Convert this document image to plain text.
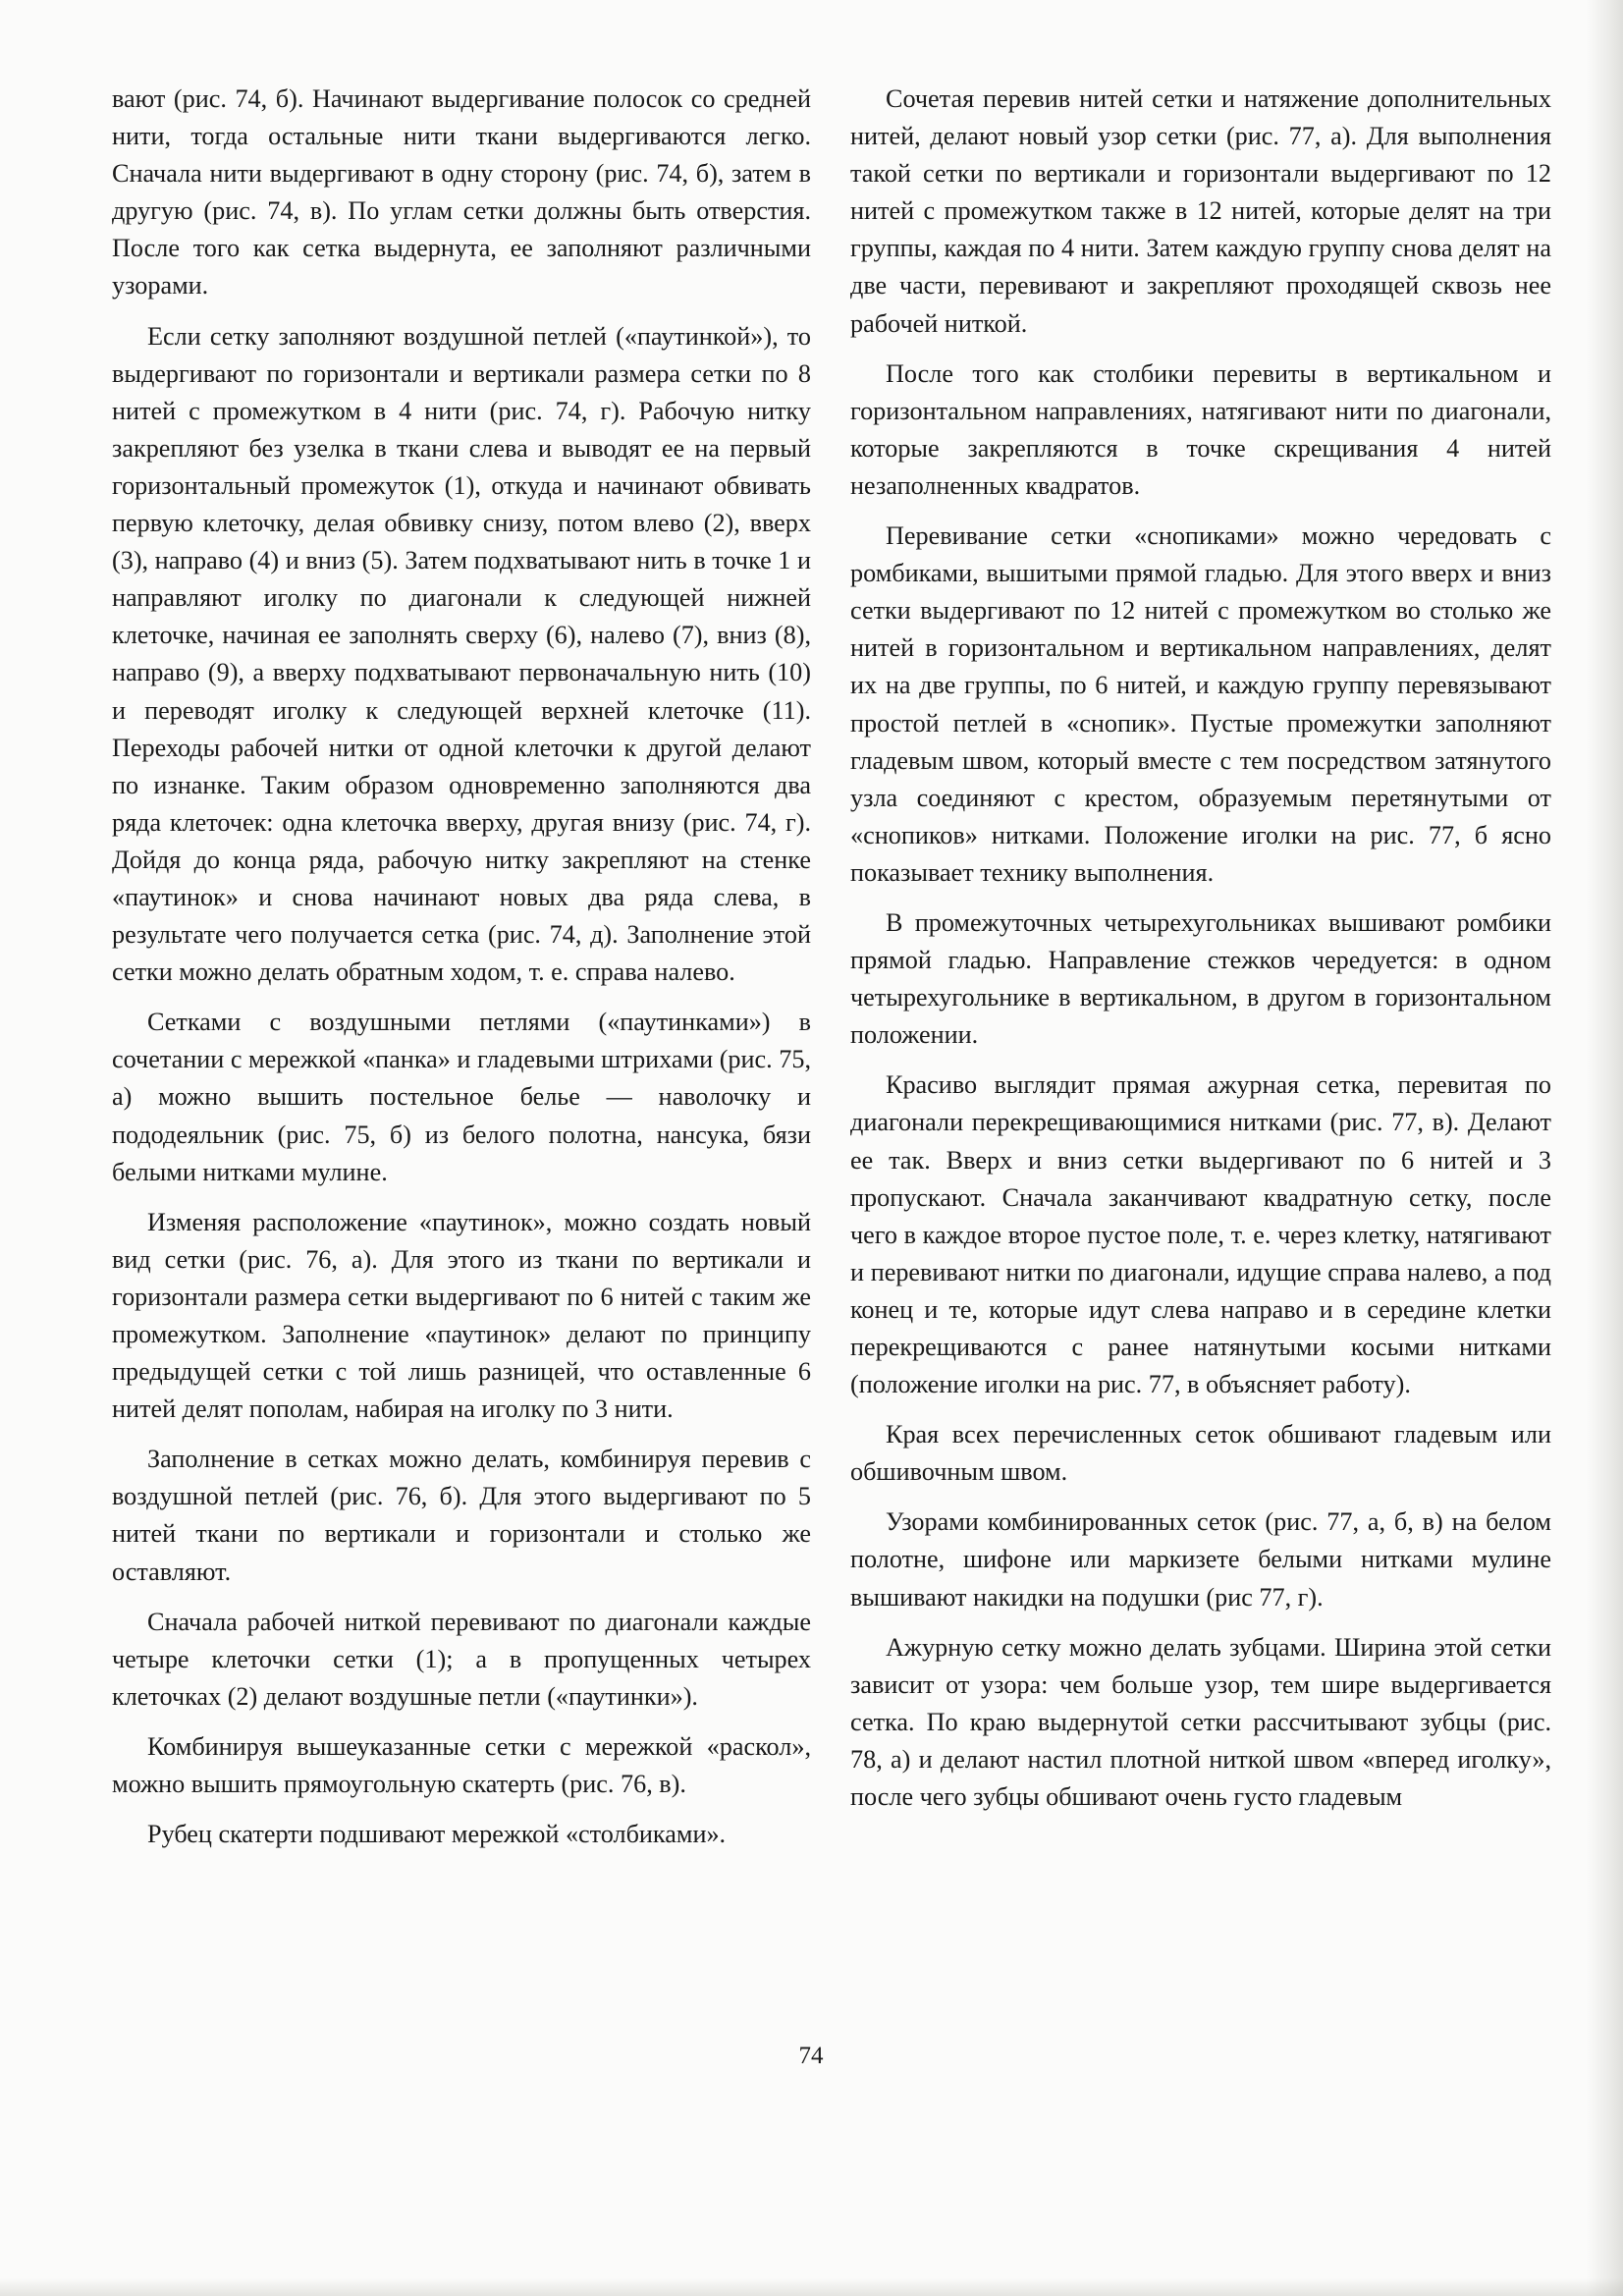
вают (рис. 74, б). Начинают выдергивание полосок со средней нити, тогда остальные нити ткани выдергиваются легко. Сначала нити выдергивают в одну сторону (рис. 74, б), затем в другую (рис. 74, в). По углам сетки должны быть отверстия. После того как сетка выдернута, ее заполняют различными узорами.

Если сетку заполняют воздушной петлей («паутинкой»), то выдергивают по горизонтали и вертикали размера сетки по 8 нитей с промежутком в 4 нити (рис. 74, г). Рабочую нитку закрепляют без узелка в ткани слева и выводят ее на первый горизонтальный промежуток (1), откуда и начинают обвивать первую клеточку, делая обвивку снизу, потом влево (2), вверх (3), направо (4) и вниз (5). Затем подхватывают нить в точке 1 и направляют иголку по диагонали к следующей нижней клеточке, начиная ее заполнять сверху (6), налево (7), вниз (8), направо (9), а вверху подхватывают первоначальную нить (10) и переводят иголку к следующей верхней клеточке (11). Переходы рабочей нитки от одной клеточки к другой делают по изнанке. Таким образом одновременно заполняются два ряда клеточек: одна клеточка вверху, другая внизу (рис. 74, г). Дойдя до конца ряда, рабочую нитку закрепляют на стенке «паутинок» и снова начинают новых два ряда слева, в результате чего получается сетка (рис. 74, д). Заполнение этой сетки можно делать обратным ходом, т. е. справа налево.

Сетками с воздушными петлями («паутинками») в сочетании с мережкой «панка» и гладевыми штрихами (рис. 75, а) можно вышить постельное белье — наволочку и пододеяльник (рис. 75, б) из белого полотна, нансука, бязи белыми нитками мулине.

Изменяя расположение «паутинок», можно создать новый вид сетки (рис. 76, а). Для этого из ткани по вертикали и горизонтали размера сетки выдергивают по 6 нитей с таким же промежутком. Заполнение «паутинок» делают по принципу предыдущей сетки с той лишь разницей, что оставленные 6 нитей делят пополам, набирая на иголку по 3 нити.

Заполнение в сетках можно делать, комбинируя перевив с воздушной петлей (рис. 76, б). Для этого выдергивают по 5 нитей ткани по вертикали и горизонтали и столько же оставляют.

Сначала рабочей ниткой перевивают по диагонали каждые четыре клеточки сетки (1); а в пропущенных четырех клеточках (2) делают воздушные петли («паутинки»).

Комбинируя вышеуказанные сетки с мережкой «раскол», можно вышить прямоугольную скатерть (рис. 76, в).

Рубец скатерти подшивают мережкой «столбиками».

Сочетая перевив нитей сетки и натяжение дополнительных нитей, делают новый узор сетки (рис. 77, а). Для выполнения такой сетки по вертикали и горизонтали выдергивают по 12 нитей с промежутком также в 12 нитей, которые делят на три группы, каждая по 4 нити. Затем каждую группу снова делят на две части, перевивают и закрепляют проходящей сквозь нее рабочей ниткой.

После того как столбики перевиты в вертикальном и горизонтальном направлениях, натягивают нити по диагонали, которые закрепляются в точке скрещивания 4 нитей незаполненных квадратов.

Перевивание сетки «снопиками» можно чередовать с ромбиками, вышитыми прямой гладью. Для этого вверх и вниз сетки выдергивают по 12 нитей с промежутком во столько же нитей в горизонтальном и вертикальном направлениях, делят их на две группы, по 6 нитей, и каждую группу перевязывают простой петлей в «снопик». Пустые промежутки заполняют гладевым швом, который вместе с тем посредством затянутого узла соединяют с крестом, образуемым перетянутыми от «снопиков» нитками. Положение иголки на рис. 77, б ясно показывает технику выполнения.

В промежуточных четырехугольниках вышивают ромбики прямой гладью. Направление стежков чередуется: в одном четырехугольнике в вертикальном, в другом в горизонтальном положении.

Красиво выглядит прямая ажурная сетка, перевитая по диагонали перекрещивающимися нитками (рис. 77, в). Делают ее так. Вверх и вниз сетки выдергивают по 6 нитей и 3 пропускают. Сначала заканчивают квадратную сетку, после чего в каждое второе пустое поле, т. е. через клетку, натягивают и перевивают нитки по диагонали, идущие справа налево, а под конец и те, которые идут слева направо и в середине клетки перекрещиваются с ранее натянутыми косыми нитками (положение иголки на рис. 77, в объясняет работу).

Края всех перечисленных сеток обшивают гладевым или обшивочным швом.

Узорами комбинированных сеток (рис. 77, а, б, в) на белом полотне, шифоне или маркизете белыми нитками мулине вышивают накидки на подушки (рис 77, г).

Ажурную сетку можно делать зубцами. Ширина этой сетки зависит от узора: чем больше узор, тем шире выдергивается сетка. По краю выдернутой сетки рассчитывают зубцы (рис. 78, а) и делают настил плотной ниткой швом «вперед иголку», после чего зубцы обшивают очень густо гладевым

74
